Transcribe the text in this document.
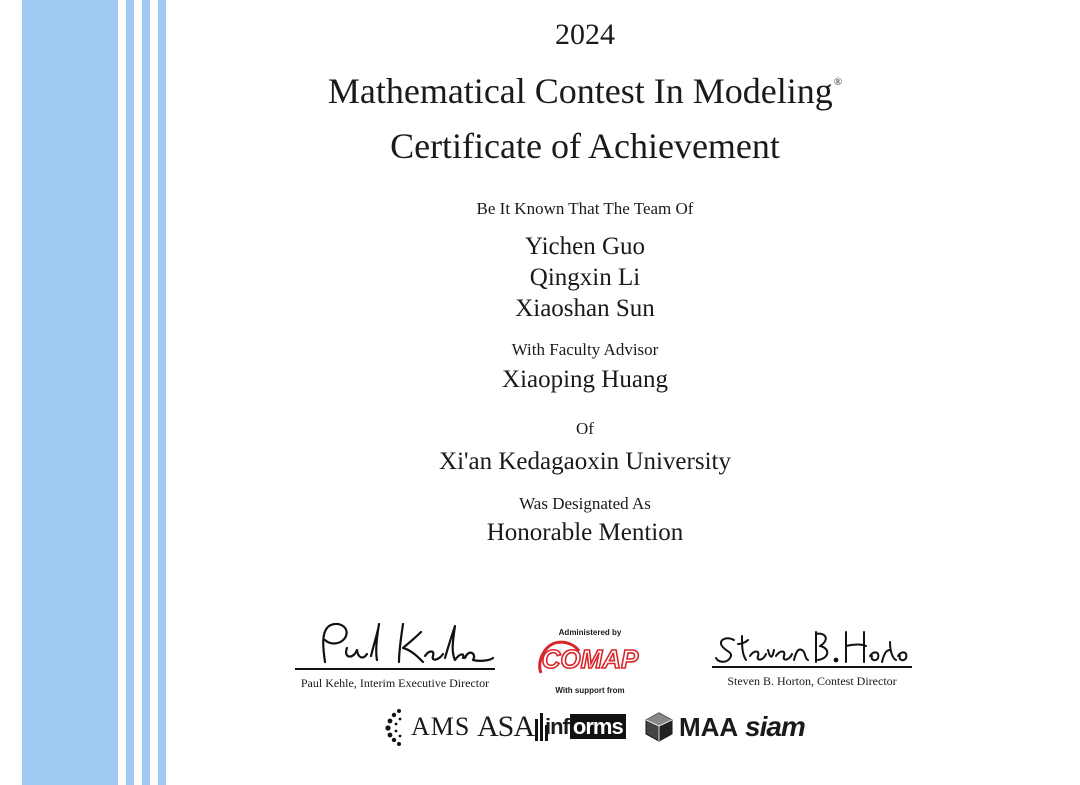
2024
Mathematical Contest In Modeling®
Certificate of Achievement
Be It Known That The Team Of
Yichen Guo
Qingxin Li
Xiaoshan Sun
With Faculty Advisor
Xiaoping Huang
Of
Xi'an Kedagaoxin University
Was Designated As
Honorable Mention
Paul Kehle, Interim Executive Director
Administered by
COMAP
With support from
Steven B. Horton, Contest Director
AMS ASA inf orms MAA siam
